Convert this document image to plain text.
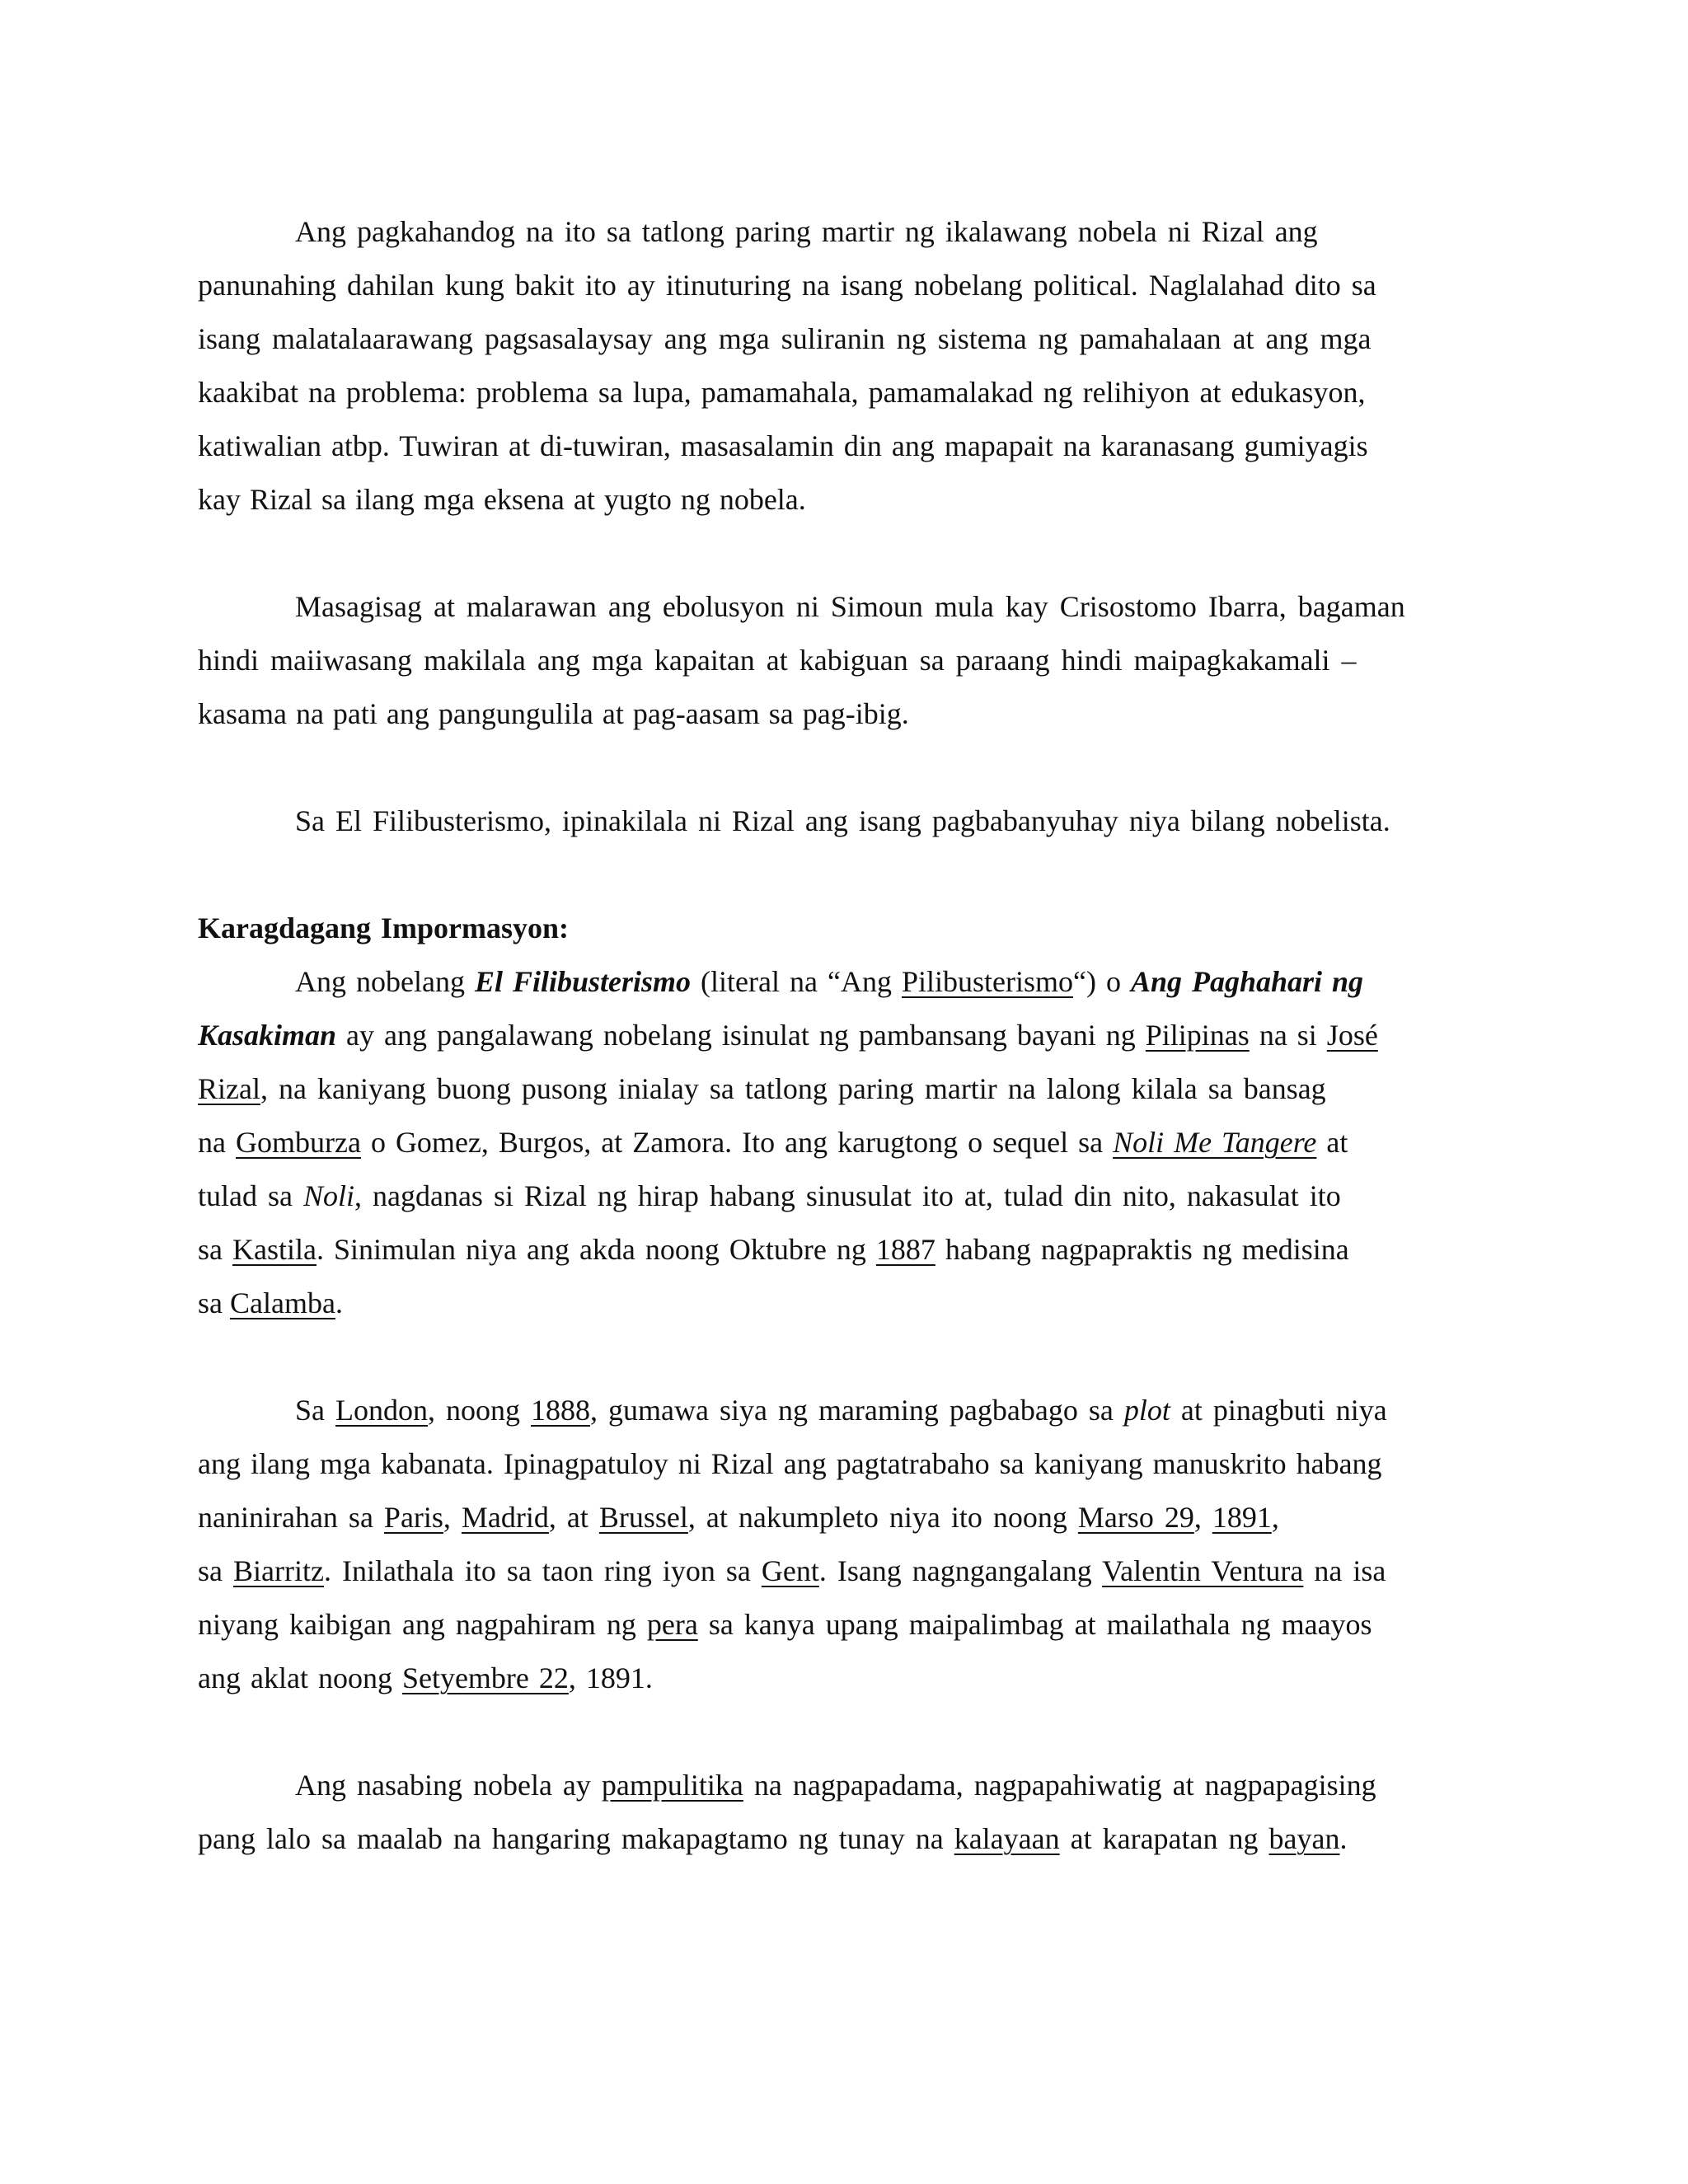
Ang pagkahandog na ito sa tatlong paring martir ng ikalawang nobela ni Rizal ang
panunahing dahilan kung bakit ito ay itinuturing na isang nobelang political. Naglalahad dito sa
isang malatalaarawang pagsasalaysay ang mga suliranin ng sistema ng pamahalaan at ang mga
kaakibat na problema: problema sa lupa, pamamahala, pamamalakad ng relihiyon at edukasyon,
katiwalian atbp. Tuwiran at di-tuwiran, masasalamin din ang mapapait na karanasang gumiyagis
kay Rizal sa ilang mga eksena at yugto ng nobela.
Masagisag at malarawan ang ebolusyon ni Simoun mula kay Crisostomo Ibarra, bagaman
hindi maiiwasang makilala ang mga kapaitan at kabiguan sa paraang hindi maipagkakamali –
kasama na pati ang pangungulila at pag-aasam sa pag-ibig.
Sa El Filibusterismo, ipinakilala ni Rizal ang isang pagbabanyuhay niya bilang nobelista.
Karagdagang Impormasyon:
Ang nobelang El Filibusterismo (literal na “Ang Pilibusterismo“) o Ang Paghahari ng
Kasakiman ay ang pangalawang nobelang isinulat ng pambansang bayani ng Pilipinas na si José
Rizal, na kaniyang buong pusong inialay sa tatlong paring martir na lalong kilala sa bansag
na Gomburza o Gomez, Burgos, at Zamora. Ito ang karugtong o sequel sa Noli Me Tangere at
tulad sa Noli, nagdanas si Rizal ng hirap habang sinusulat ito at, tulad din nito, nakasulat ito
sa Kastila. Sinimulan niya ang akda noong Oktubre ng 1887 habang nagpapraktis ng medisina
sa Calamba.
Sa London, noong 1888, gumawa siya ng maraming pagbabago sa plot at pinagbuti niya
ang ilang mga kabanata. Ipinagpatuloy ni Rizal ang pagtatrabaho sa kaniyang manuskrito habang
naninirahan sa Paris, Madrid, at Brussel, at nakumpleto niya ito noong Marso 29, 1891,
sa Biarritz. Inilathala ito sa taon ring iyon sa Gent. Isang nagngangalang Valentin Ventura na isa
niyang kaibigan ang nagpahiram ng pera sa kanya upang maipalimbag at mailathala ng maayos
ang aklat noong Setyembre 22, 1891.
Ang nasabing nobela ay pampulitika na nagpapadama, nagpapahiwatig at nagpapagising
pang lalo sa maalab na hangaring makapagtamo ng tunay na kalayaan at karapatan ng bayan.
